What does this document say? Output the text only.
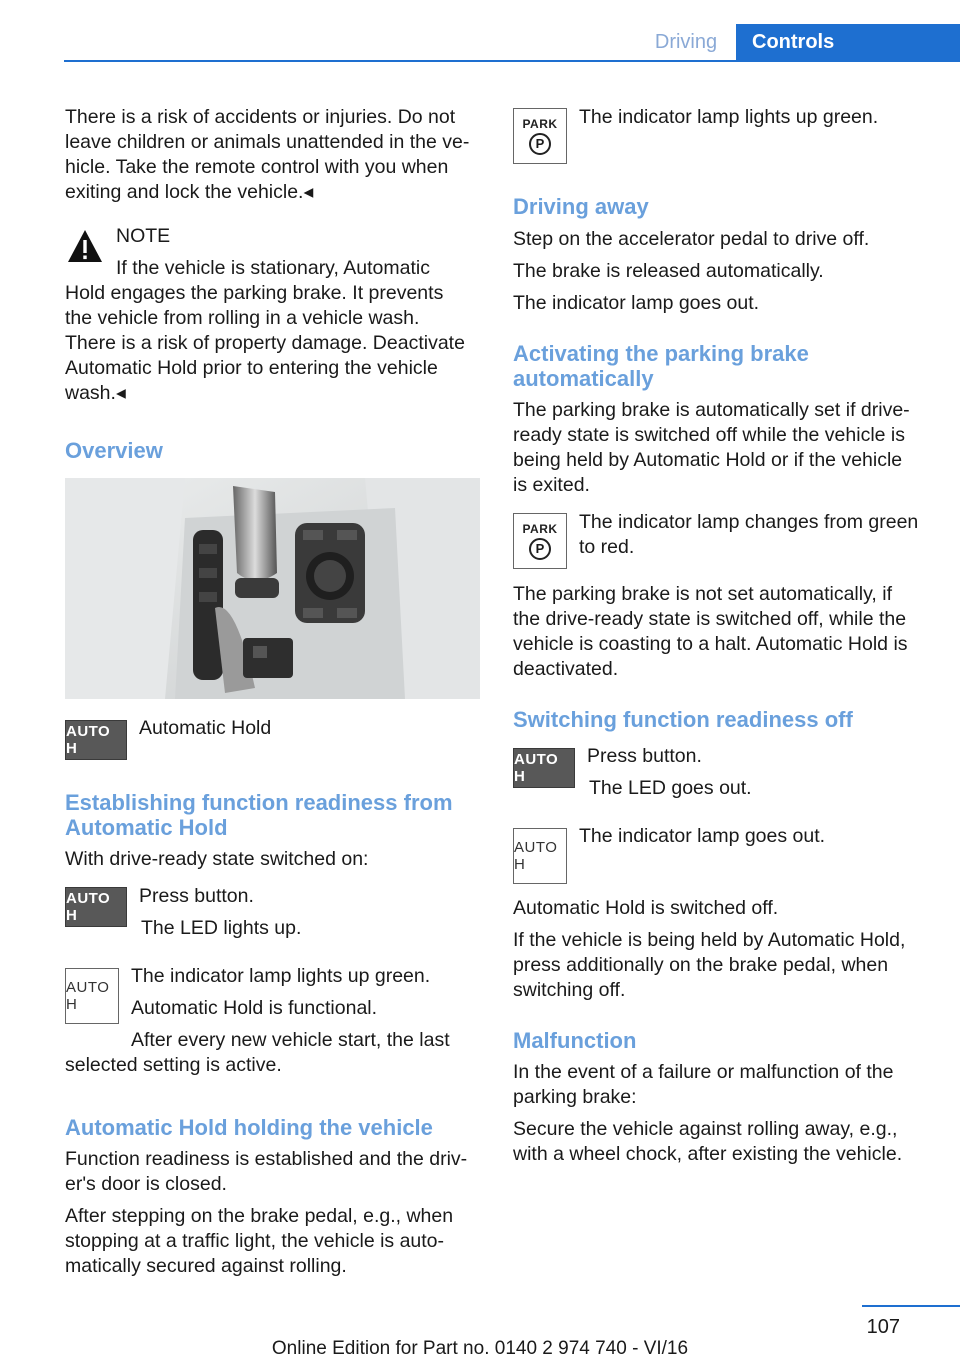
Driving	Controls
There is a risk of accidents or injuries. Do not
leave children or animals unattended in the ve-
hicle. Take the remote control with you when
exiting and lock the vehicle.◂
NOTE
If the vehicle is stationary, Automatic
Hold engages the parking brake. It prevents
the vehicle from rolling in a vehicle wash.
There is a risk of property damage. Deactivate
Automatic Hold prior to entering the vehicle
wash.◂
Overview
AUTO H
Automatic Hold
Establishing function readiness from
Automatic Hold
With drive-ready state switched on:
AUTO H
Press button.
The LED lights up.
AUTO H
The indicator lamp lights up green.
Automatic Hold is functional.
After every new vehicle start, the last
selected setting is active.
Automatic Hold holding the vehicle
Function readiness is established and the driv-
er's door is closed.
After stepping on the brake pedal, e.g., when
stopping at a traffic light, the vehicle is auto-
matically secured against rolling.
PARK
P
The indicator lamp lights up green.
Driving away
Step on the accelerator pedal to drive off.
The brake is released automatically.
The indicator lamp goes out.
Activating the parking brake
automatically
The parking brake is automatically set if drive-
ready state is switched off while the vehicle is
being held by Automatic Hold or if the vehicle
is exited.
PARK
P
The indicator lamp changes from green
to red.
The parking brake is not set automatically, if
the drive-ready state is switched off, while the
vehicle is coasting to a halt. Automatic Hold is
deactivated.
Switching function readiness off
AUTO H
Press button.
The LED goes out.
AUTO H
The indicator lamp goes out.
Automatic Hold is switched off.
If the vehicle is being held by Automatic Hold,
press additionally on the brake pedal, when
switching off.
Malfunction
In the event of a failure or malfunction of the
parking brake:
Secure the vehicle against rolling away, e.g.,
with a wheel chock, after existing the vehicle.
107
Online Edition for Part no. 0140 2 974 740 - VI/16
